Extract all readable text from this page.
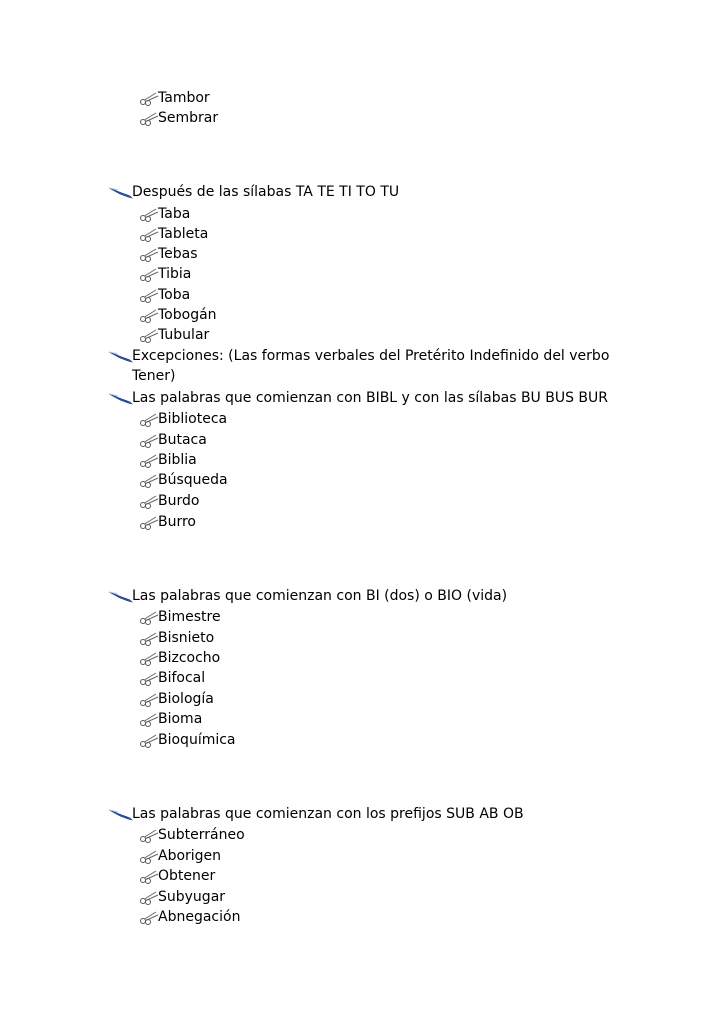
Tambor
Sembrar
Después de las sílabas TA TE TI TO TU
Taba
Tableta
Tebas
Tibia
Toba
Tobogán
Tubular
Excepciones: (Las formas verbales del Pretérito Indefinido del verbo
Tener)
Las palabras que comienzan con BIBL y con las sílabas BU BUS BUR
Biblioteca
Butaca
Biblia
Búsqueda
Burdo
Burro
Las palabras que comienzan con BI (dos) o BIO (vida)
Bimestre
Bisnieto
Bizcocho
Bifocal
Biología
Bioma
Bioquímica
Las palabras que comienzan con los prefijos SUB AB OB
Subterráneo
Aborigen
Obtener
Subyugar
Abnegación
